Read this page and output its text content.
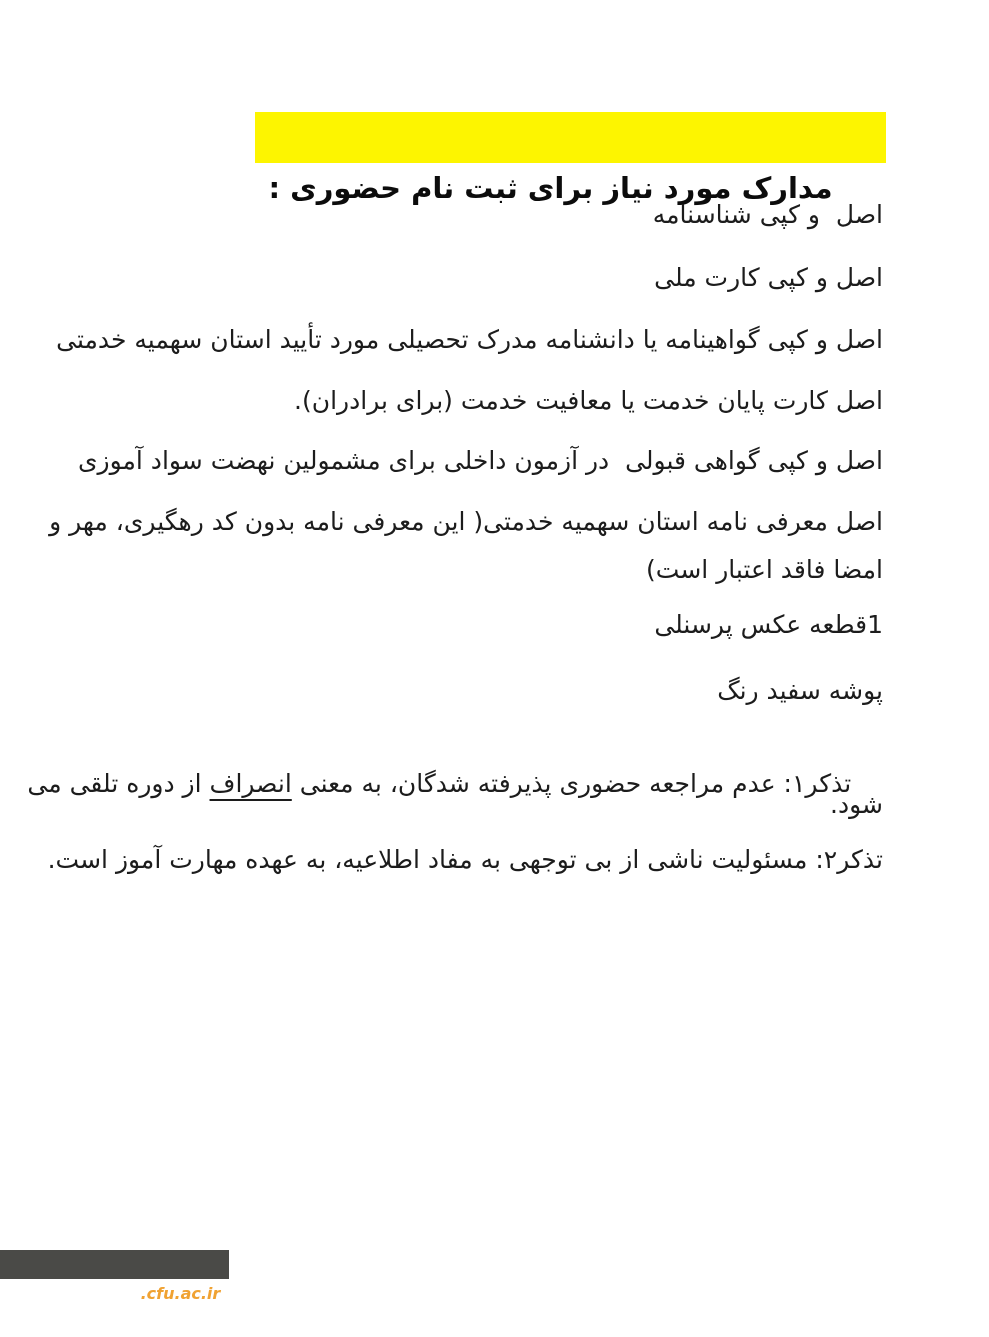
مدارک مورد نیاز برای ثبت نام حضوری :

اصل  و کپی شناسنامه
اصل و کپی کارت ملی
اصل و کپی گواهینامه یا دانشنامه مدرک تحصیلی مورد تأیید استان سهمیه خدمتی
اصل کارت پایان خدمت یا معافیت خدمت (برای برادران).
اصل و کپی گواهی قبولی  در آزمون داخلی برای مشمولین نهضت سواد آموزی
اصل معرفی نامه استان سهمیه خدمتی( این معرفی نامه بدون کد رهگیری، مهر و
امضا فاقد اعتبار است)
1قطعه عکس پرسنلی
پوشه سفید رنگ

تذکر۱: عدم مراجعه حضوری پذیرفته شدگان، به معنی انصراف از دوره تلقی می

شود.
تذکر۲: مسئولیت ناشی از بی توجهی به مفاد اطلاعیه، به عهده مهارت آموز است.

mazandaran.cfu.ac.ir
